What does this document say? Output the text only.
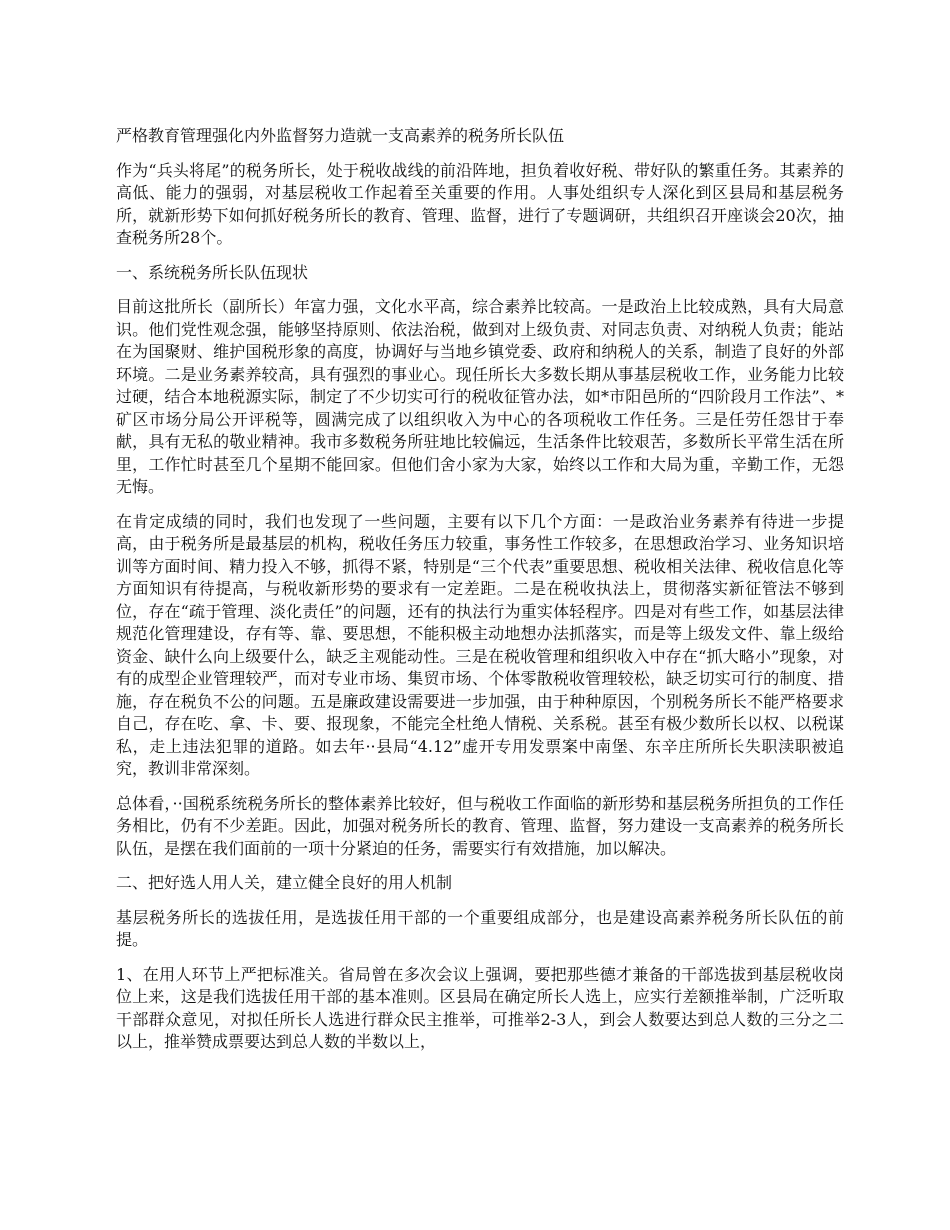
严格教育管理强化内外监督努力造就一支高素养的税务所长队伍

作为“兵头将尾”的税务所长，处于税收战线的前沿阵地，担负着收好税、带好队的繁重任务。其素养的高低、能力的强弱，对基层税收工作起着至关重要的作用。人事处组织专人深化到区县局和基层税务所，就新形势下如何抓好税务所长的教育、管理、监督，进行了专题调研，共组织召开座谈会20次，抽查税务所28个。

一、系统税务所长队伍现状

目前这批所长（副所长）年富力强，文化水平高，综合素养比较高。一是政治上比较成熟，具有大局意识。他们党性观念强，能够坚持原则、依法治税，做到对上级负责、对同志负责、对纳税人负责；能站在为国聚财、维护国税形象的高度，协调好与当地乡镇党委、政府和纳税人的关系，制造了良好的外部环境。二是业务素养较高，具有强烈的事业心。现任所长大多数长期从事基层税收工作，业务能力比较过硬，结合本地税源实际，制定了不少切实可行的税收征管办法，如*市阳邑所的“四阶段月工作法”、*矿区市场分局公开评税等，圆满完成了以组织收入为中心的各项税收工作任务。三是任劳任怨甘于奉献，具有无私的敬业精神。我市多数税务所驻地比较偏远，生活条件比较艰苦，多数所长平常生活在所里，工作忙时甚至几个星期不能回家。但他们舍小家为大家，始终以工作和大局为重，辛勤工作，无怨无悔。

在肯定成绩的同时，我们也发现了一些问题，主要有以下几个方面：一是政治业务素养有待进一步提高，由于税务所是最基层的机构，税收任务压力较重，事务性工作较多，在思想政治学习、业务知识培训等方面时间、精力投入不够，抓得不紧，特别是“三个代表”重要思想、税收相关法律、税收信息化等方面知识有待提高，与税收新形势的要求有一定差距。二是在税收执法上，贯彻落实新征管法不够到位，存在“疏于管理、淡化责任”的问题，还有的执法行为重实体轻程序。四是对有些工作，如基层法律规范化管理建设，存有等、靠、要思想，不能积极主动地想办法抓落实，而是等上级发文件、靠上级给资金、缺什么向上级要什么，缺乏主观能动性。三是在税收管理和组织收入中存在“抓大略小”现象，对有的成型企业管理较严，而对专业市场、集贸市场、个体零散税收管理较松，缺乏切实可行的制度、措施，存在税负不公的问题。五是廉政建设需要进一步加强，由于种种原因，个别税务所长不能严格要求自己，存在吃、拿、卡、要、报现象，不能完全杜绝人情税、关系税。甚至有极少数所长以权、以税谋私，走上违法犯罪的道路。如去年··县局“4.12”虚开专用发票案中南堡、东辛庄所所长失职渎职被追究，教训非常深刻。

总体看，··国税系统税务所长的整体素养比较好，但与税收工作面临的新形势和基层税务所担负的工作任务相比，仍有不少差距。因此，加强对税务所长的教育、管理、监督，努力建设一支高素养的税务所长队伍，是摆在我们面前的一项十分紧迫的任务，需要实行有效措施，加以解决。

二、把好选人用人关，建立健全良好的用人机制

基层税务所长的选拔任用，是选拔任用干部的一个重要组成部分，也是建设高素养税务所长队伍的前提。

1、在用人环节上严把标准关。省局曾在多次会议上强调，要把那些德才兼备的干部选拔到基层税收岗位上来，这是我们选拔任用干部的基本准则。区县局在确定所长人选上，应实行差额推举制，广泛听取干部群众意见，对拟任所长人选进行群众民主推举，可推举2-3人，到会人数要达到总人数的三分之二以上，推举赞成票要达到总人数的半数以上，
